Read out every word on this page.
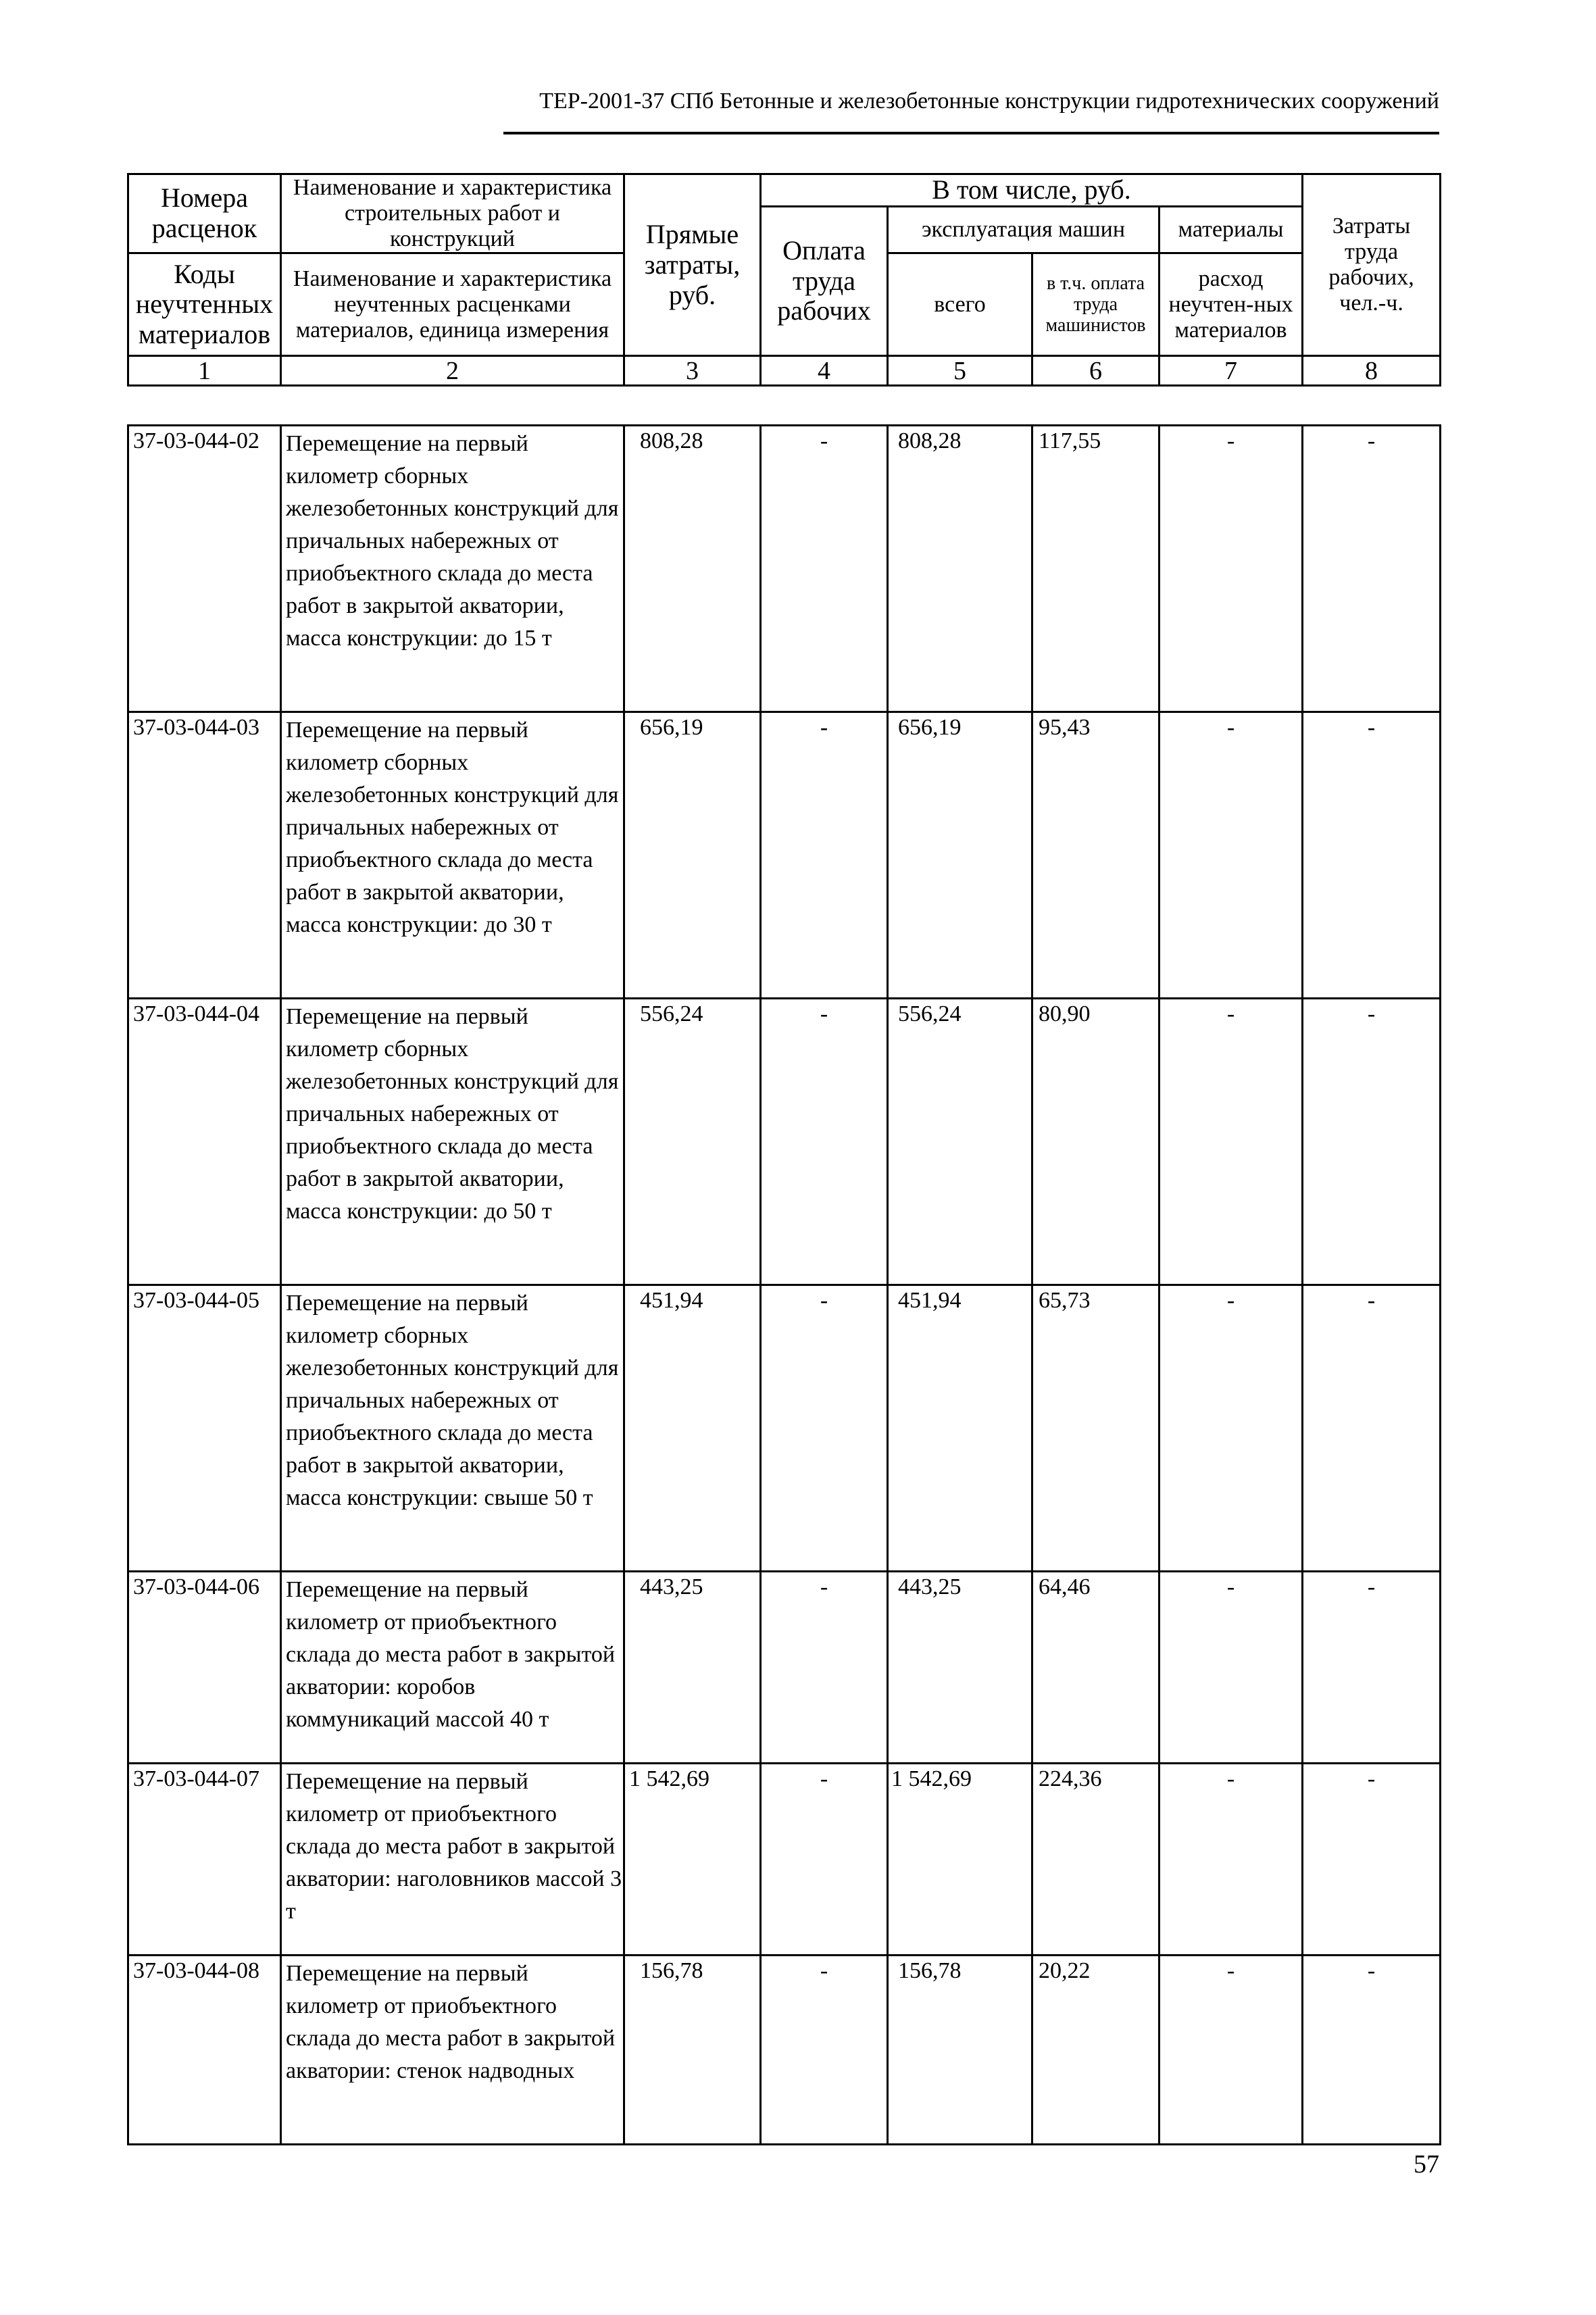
ТЕР-2001-37 СПб Бетонные и железобетонные конструкции гидротехнических сооружений
Номера расценок	Наименование и характеристика строительных работ и конструкций	Прямые затраты, руб.	В том числе, руб.				Затраты труда рабочих, чел.-ч.
			Оплата труда рабочих	эксплуатация машин		материалы	
Коды неучтенных материалов	Наименование и характеристика неучтенных расценками материалов, единица измерения			всего	в т.ч. оплата труда машинистов	расход неучтен-ных материалов	

1	2	3	4	5	6	7	8
37-03-044-02	Перемещение на первый километр сборных железобетонных конструкций для причальных набережных от приобъектного склада до места работ в закрытой акватории, масса конструкции: до 15 т	808,28	-	808,28	117,55	-	-
37-03-044-03	Перемещение на первый километр сборных железобетонных конструкций для причальных набережных от приобъектного склада до места работ в закрытой акватории, масса конструкции: до 30 т	656,19	-	656,19	95,43	-	-
37-03-044-04	Перемещение на первый километр сборных железобетонных конструкций для причальных набережных от приобъектного склада до места работ в закрытой акватории, масса конструкции: до 50 т	556,24	-	556,24	80,90	-	-
37-03-044-05	Перемещение на первый километр сборных железобетонных конструкций для причальных набережных от приобъектного склада до места работ в закрытой акватории, масса конструкции: свыше 50 т	451,94	-	451,94	65,73	-	-
37-03-044-06	Перемещение на первый километр от приобъектного склада до места работ в закрытой акватории: коробов коммуникаций массой 40 т	443,25	-	443,25	64,46	-	-
37-03-044-07	Перемещение на первый километр от приобъектного склада до места работ в закрытой акватории: наголовников массой 3 т	1 542,69	-	1 542,69	224,36	-	-
37-03-044-08	Перемещение на первый километр от приобъектного склада до места работ в закрытой акватории: стенок надводных	156,78	-	156,78	20,22	-	-
57
